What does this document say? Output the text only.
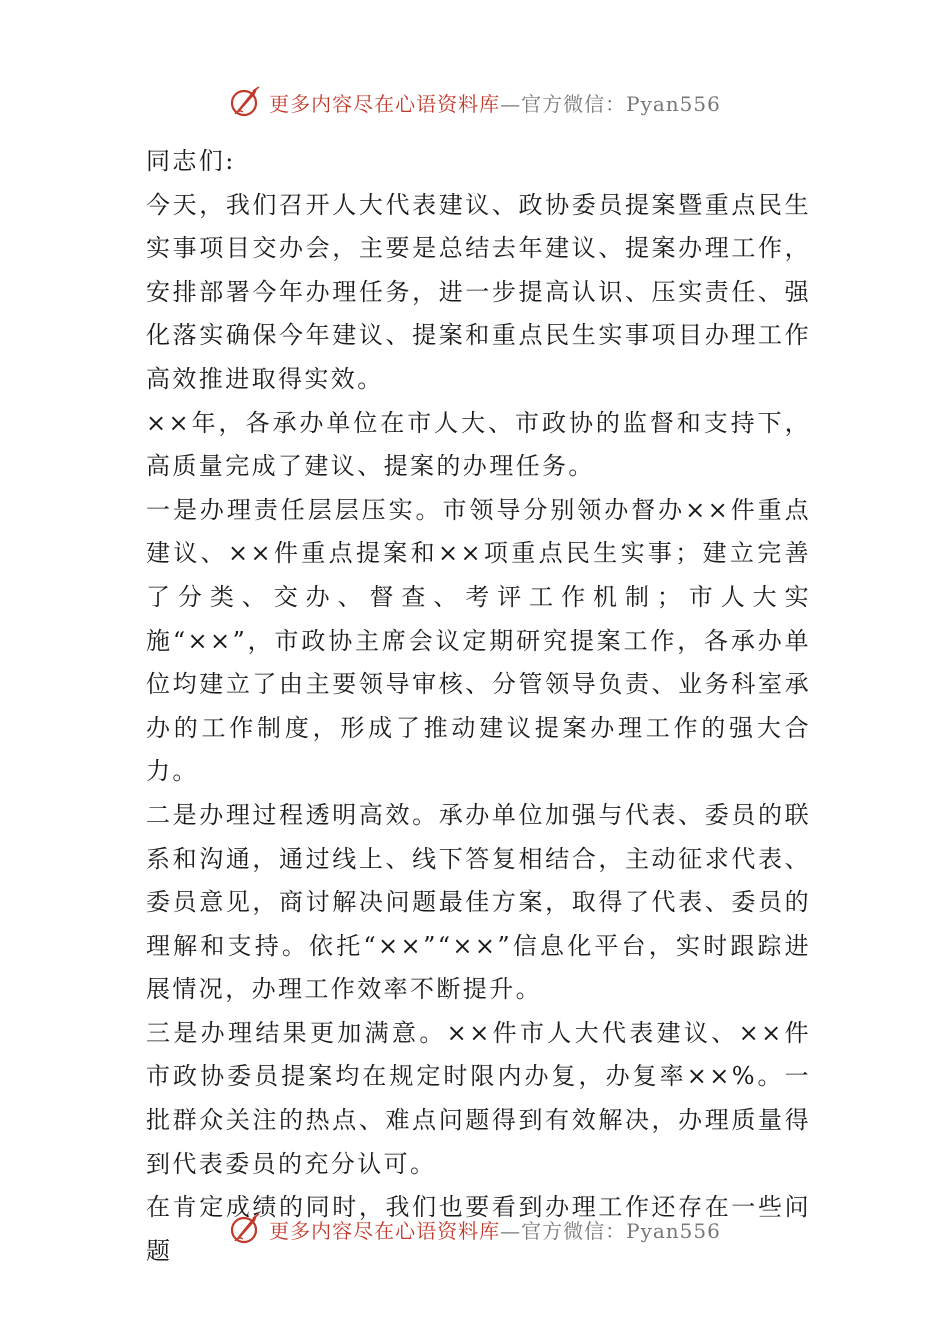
更多内容尽在心语资料库—官方微信：Pyan556

同志们:

今天，我们召开人大代表建议、政协委员提案暨重点民生实事项目交办会，主要是总结去年建议、提案办理工作，安排部署今年办理任务，进一步提高认识、压实责任、强化落实确保今年建议、提案和重点民生实事项目办理工作高效推进取得实效。

××年，各承办单位在市人大、市政协的监督和支持下，高质量完成了建议、提案的办理任务。

一是办理责任层层压实。市领导分别领办督办××件重点建议、××件重点提案和××项重点民生实事；建立完善了分类、交办、督查、考评工作机制；市人大实施“××”，市政协主席会议定期研究提案工作，各承办单位均建立了由主要领导审核、分管领导负责、业务科室承办的工作制度，形成了推动建议提案办理工作的强大合力。

二是办理过程透明高效。承办单位加强与代表、委员的联系和沟通，通过线上、线下答复相结合，主动征求代表、委员意见，商讨解决问题最佳方案，取得了代表、委员的理解和支持。依托“××”“××”信息化平台，实时跟踪进展情况，办理工作效率不断提升。

三是办理结果更加满意。××件市人大代表建议、××件市政协委员提案均在规定时限内办复，办复率××%。一批群众关注的热点、难点问题得到有效解决，办理质量得到代表委员的充分认可。

在肯定成绩的同时，我们也要看到办理工作还存在一些问题

更多内容尽在心语资料库—官方微信：Pyan556
